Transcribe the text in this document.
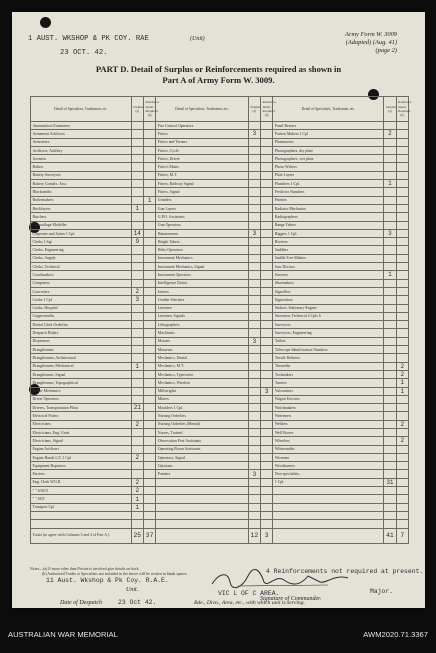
1 AUST. WKSHOP & PK COY. RAE	(Unit)
23 OCT. 42.
Army Form W. 3009
(Adapted) (Aug. 41)
(page 2)
PART D. Detail of Surplus or Reinforcements required as shown in
Part A of Army Form W. 3009.
Detail of Specialists, Tradesmen, etc.	Surplus (a)	Reinforce-ments Required (b)	Detail of Specialists, Tradesmen, etc.	Surplus (a)	Reinforce-ments Required (b)	Detail of Specialists, Tradesmen, etc.	Surplus (a)	Reinforce-ments Required (b)
Ammunition Examiners			Fire Control Operators			Panel Beaters		
Armament Artificers			Fitters	3		Pattern Makers 1 Cpl	2	
Armourers			Fitters and Turners			Pharmacists		
Artificers, Artillery			Fitters, Cycle			Photographers, dry plate		
Axemen			Fitters, Driver			Photographers, wet plate		
Bakers			Fitter's Mates			Photo-Writers		
Battery Surveyors			Fitters, M.T.			Plate Layers		
Battery Comdrs. Asst.			Fitters, Railway Signal			Plumbers 1 Cpl.	1	
Blacksmiths			Fitters, Signal			Predictor Numbers		
Boilermakers		1	Grinders			Printers		
Bricklayers	1		Gun Layers			Radiator Mechanics		
Butchers			G.P.O. Assistants			Radiographers		
Camouflage Modeller			Gun Operators			Range Takers		
Carpenter and Joiner 1 Cpl	14		Hammermen	3		Riggers 1 Cpl.	3	
Clerks 1 Sgt	9		Height Takers			Riveters		
Clerks, Engineering			Helio Operators			Saddlers		
Clerks, Supply			Instrument Mechanics			Saddle Tree Makers		
Clerks, Technical			Instrument Mechanics, Signal			Saw Doctors		
Coachmakers			Instrument Operators			Sawyers	1	
Computers			Intelligence Duties			Shoemakers		
Concreters	2		Joiners			Signallers		
Cooks 1 Cpl.	3		Leather Stitchers			Signwriters		
Cooks, Hospital			Linemen			Stokers, Stationary Engine		
Coppersmiths			Linemen, Signals			Storemen, Technical 4 Cpls 6		
Dental Clerk Orderlies			Lithographers			Surveyors		
Despatch Riders			Machinists			Surveyors, Engineering		
Dispensers			Masons	3		Tailors		
Draughtsmen			Masseurs			Telescope Identification Numbers		
Draughtsmen, Architectural			Mechanics, Dental			Textile Refiners		
Draughtsmen, Mechanical	1		Mechanics, M.T.			Tinsmiths		2
Draughtsmen, Signal			Mechanics, Typewriter			Toolmakers		2
Draughtsmen, Topographical			Mechanics, Wireless			Turners		1
Driver Mechanics			Millwrights		3	Vulcanisers		1
Driver Operators			Miners			Wagon Erectors		
Drivers, Transportation Plant	21		Moulders 1 Cpl.			Watchmakers		
Electrical Fitters			Nursing Orderlies			Watermen		
Electricians	2		Nursing Orderlies (Mental)			Welders		2
Electricians, Eng. Units			Nurses, Trained			Well Borers		
Electricians, Signal			Observation Post Assistants			Wheelers		2
Engine Artificers			Operating Room Assistants			Whitesmiths		
Engine Hands L/C 1 Cpl	2		Operators, Signal			Wiremen		
Equipment Repairers			Opticians			Woodturners		
Farriers			Painters	3		Non-specialists,		
Eng. Clerk WO.II	2					1 Cpl.	31	
" " S/SGT	2							
" " SGT	1							
Transport Cpl	1							

Totals (to agree with Columns 3 and 4 of Part A.)	25	37		12	3		41	7
Notes—(a) If more other than Private is involved give details on back.
(b) Authorised Trades or Specialists not included in the above will be written in blank spaces.	4 Reinforcements not required at present.
Major.
Signature of Commander.
11 Aust. Wkshop & Pk Coy. R.A.E.
Unit.	VIC L OF C AREA.
Bde., Divn., Area, etc., with which unit is serving.
Date of Despatch	23 Oct 42.
AUSTRALIAN WAR MEMORIAL	AWM2020.71.3367
